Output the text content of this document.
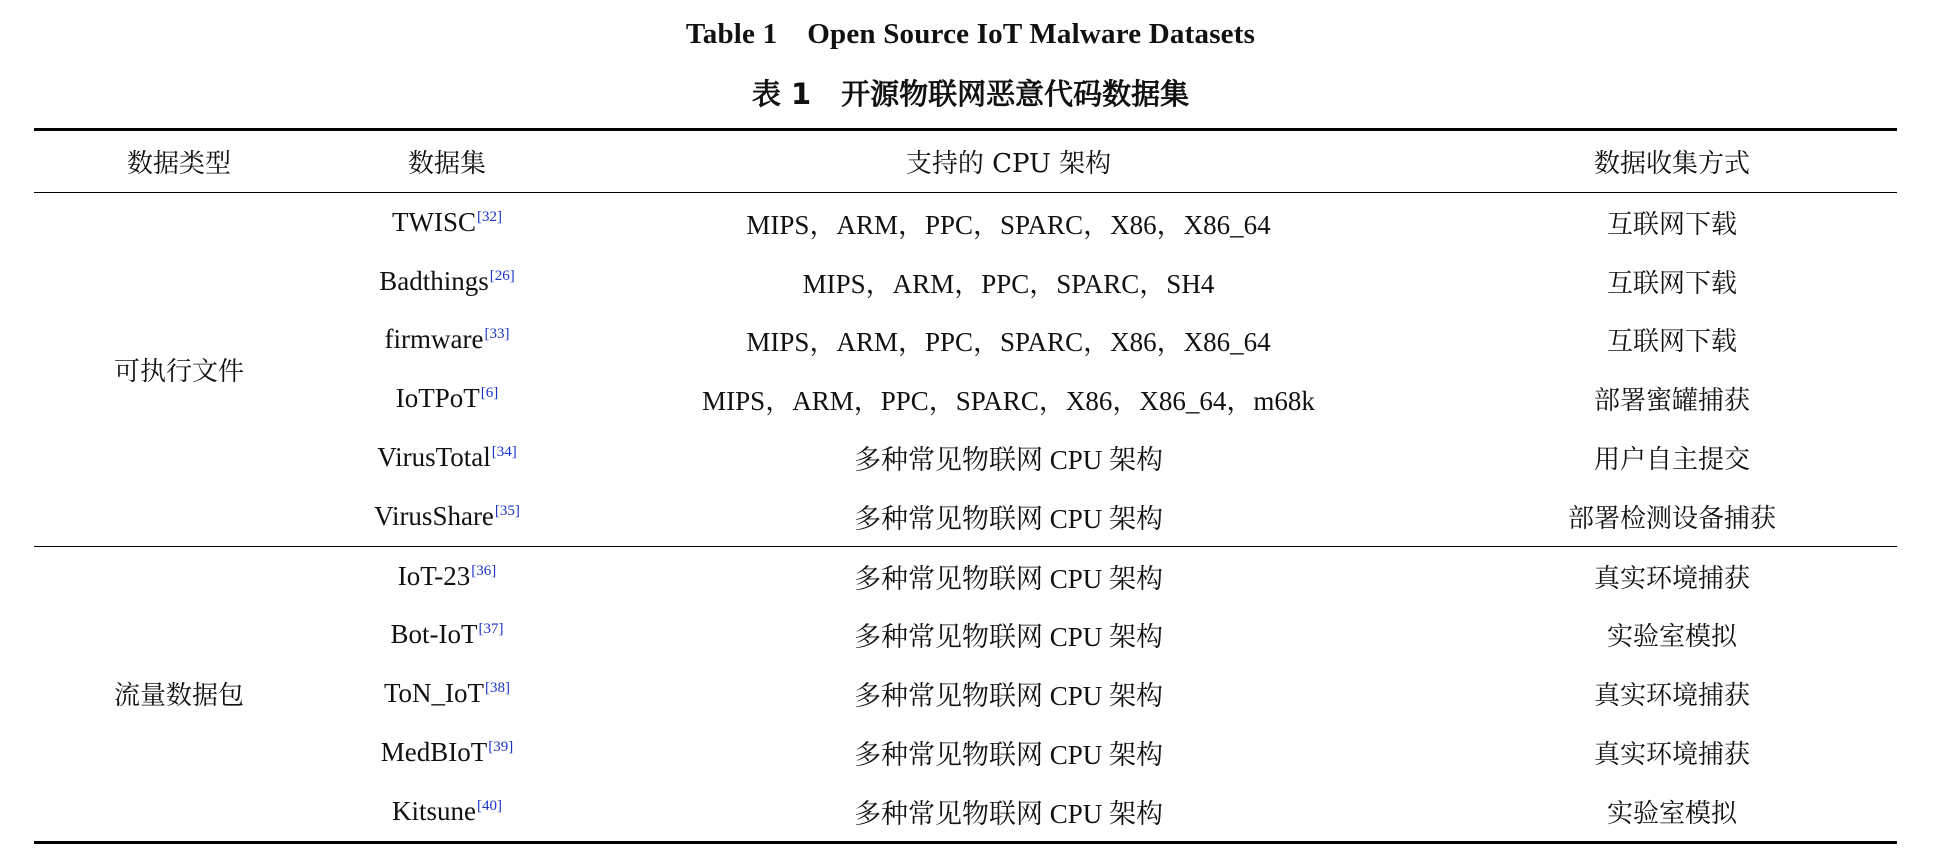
Table 1 Open Source IoT Malware Datasets
表 1 开源物联网恶意代码数据集
数据类型	数据集	支持的 CPU 架构	数据收集方式
可执行文件	TWISC[32]	MIPS，ARM，PPC，SPARC，X86，X86_64	互联网下载
	Badthings[26]	MIPS，ARM，PPC，SPARC，SH4	互联网下载
	firmware[33]	MIPS，ARM，PPC，SPARC，X86，X86_64	互联网下载
	IoTPoT[6]	MIPS，ARM，PPC，SPARC，X86，X86_64，m68k	部署蜜罐捕获
	VirusTotal[34]	多种常见物联网 CPU 架构	用户自主提交
	VirusShare[35]	多种常见物联网 CPU 架构	部署检测设备捕获
流量数据包	IoT-23[36]	多种常见物联网 CPU 架构	真实环境捕获
	Bot-IoT[37]	多种常见物联网 CPU 架构	实验室模拟
	ToN_IoT[38]	多种常见物联网 CPU 架构	真实环境捕获
	MedBIoT[39]	多种常见物联网 CPU 架构	真实环境捕获
	Kitsune[40]	多种常见物联网 CPU 架构	实验室模拟
